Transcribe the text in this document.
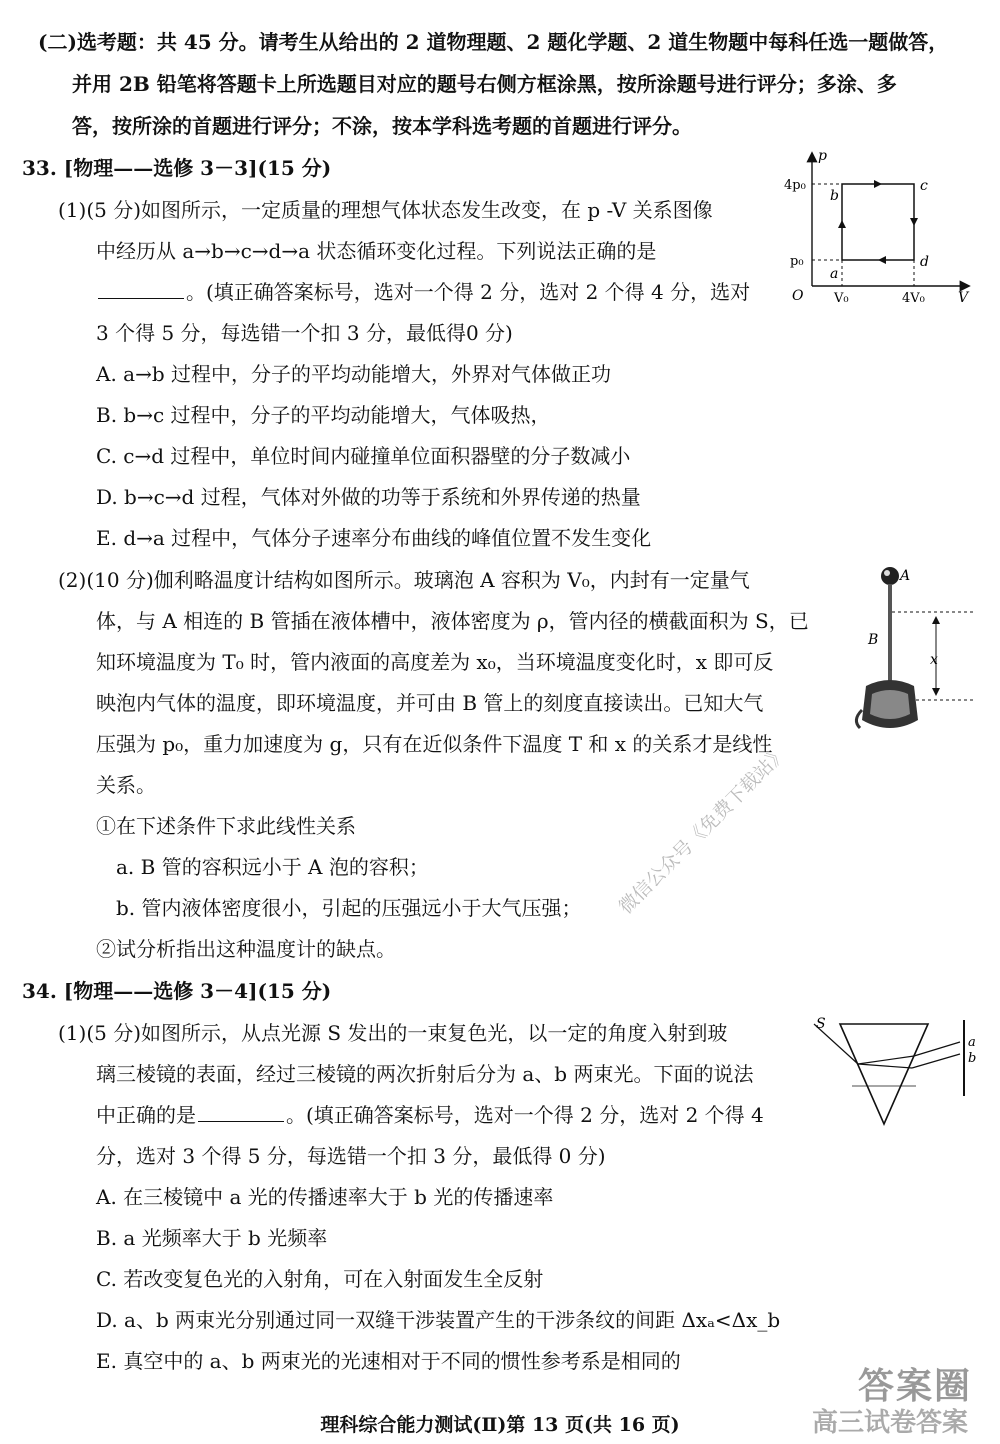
(二)选考题：共 45 分。请考生从给出的 2 道物理题、2 题化学题、2 道生物题中每科任选一题做答，
并用 2B 铅笔将答题卡上所选题目对应的题号右侧方框涂黑，按所涂题号进行评分；多涂、多
答，按所涂的首题进行评分；不涂，按本学科选考题的首题进行评分。
33. [物理——选修 3－3](15 分)
(1)(5 分)如图所示，一定质量的理想气体状态发生改变，在 p -V 关系图像
中经历从 a→b→c→d→a 状态循环变化过程。下列说法正确的是
。(填正确答案标号，选对一个得 2 分，选对 2 个得 4 分，选对
3 个得 5 分，每选错一个扣 3 分，最低得0 分)
A. a→b 过程中，分子的平均动能增大，外界对气体做正功
B. b→c 过程中，分子的平均动能增大，气体吸热，
C. c→d 过程中，单位时间内碰撞单位面积器壁的分子数减小
D. b→c→d 过程，气体对外做的功等于系统和外界传递的热量
E. d→a 过程中，气体分子速率分布曲线的峰值位置不发生变化
(2)(10 分)伽利略温度计结构如图所示。玻璃泡 A 容积为 V₀，内封有一定量气
体，与 A 相连的 B 管插在液体槽中，液体密度为 ρ，管内径的横截面积为 S，已
知环境温度为 T₀ 时，管内液面的高度差为 x₀，当环境温度变化时，x 即可反
映泡内气体的温度，即环境温度，并可由 B 管上的刻度直接读出。已知大气
压强为 p₀，重力加速度为 g，只有在近似条件下温度 T 和 x 的关系才是线性
关系。
①在下述条件下求此线性关系
a. B 管的容积远小于 A 泡的容积；
b. 管内液体密度很小，引起的压强远小于大气压强；
②试分析指出这种温度计的缺点。
34. [物理——选修 3－4](15 分)
(1)(5 分)如图所示，从点光源 S 发出的一束复色光，以一定的角度入射到玻
璃三棱镜的表面，经过三棱镜的两次折射后分为 a、b 两束光。下面的说法
中正确的是	。(填正确答案标号，选对一个得 2 分，选对 2 个得 4
分，选对 3 个得 5 分，每选错一个扣 3 分，最低得 0 分)
A. 在三棱镜中 a 光的传播速率大于 b 光的传播速率
B. a 光频率大于 b 光频率
C. 若改变复色光的入射角，可在入射面发生全反射
D. a、b 两束光分别通过同一双缝干涉装置产生的干涉条纹的间距 Δxₐ<Δx_b
E. 真空中的 a、b 两束光的光速相对于不同的惯性参考系是相同的
p
V
O
4p₀
p₀
V₀	4V₀
a
b
c
d
A
B
x
S
a
b
微信公众号《免费下载站》
答案圈
高三试卷答案
理科综合能力测试(Ⅱ)第 13 页(共 16 页)
